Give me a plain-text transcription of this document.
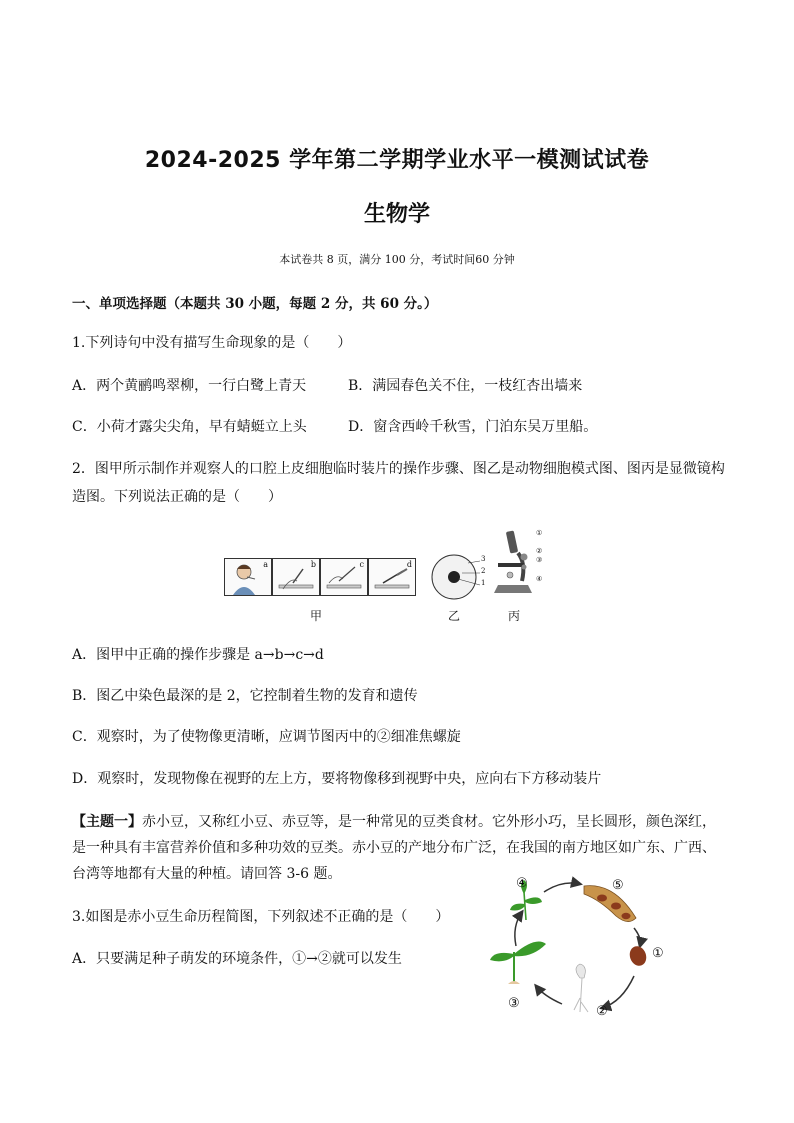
2024-2025 学年第二学期学业水平一模测试试卷
生物学
本试卷共 8 页，满分 100 分，考试时间60 分钟
一、单项选择题（本题共 30 小题，每题 2 分，共 60 分。）
1.下列诗句中没有描写生命现象的是（　　）
A．两个黄鹂鸣翠柳，一行白鹭上青天	B．满园春色关不住，一枝红杏出墙来
C．小荷才露尖尖角，早有蜻蜓立上头	D．窗含西岭千秋雪，门泊东吴万里船。
2．图甲所示制作并观察人的口腔上皮细胞临时装片的操作步骤、图乙是动物细胞模式图、图丙是显微镜构
造图。下列说法正确的是（　　）
a	b	c	d
甲
3
2
1
乙
①
②
③
④
丙
A．图甲中正确的操作步骤是 a→b→c→d
B．图乙中染色最深的是 2，它控制着生物的发育和遗传
C．观察时，为了使物像更清晰，应调节图丙中的②细准焦螺旋
D．观察时，发现物像在视野的左上方，要将物像移到视野中央，应向右下方移动装片
【主题一】赤小豆，又称红小豆、赤豆等，是一种常见的豆类食材。它外形小巧，呈长圆形，颜色深红，是一种具有丰富营养价值和多种功效的豆类。赤小豆的产地分布广泛，在我国的南方地区如广东、广西、台湾等地都有大量的种植。请回答 3-6 题。
3.如图是赤小豆生命历程简图，下列叙述不正确的是（　　）
A．只要满足种子萌发的环境条件，①→②就可以发生
④	⑤
①
②
③
